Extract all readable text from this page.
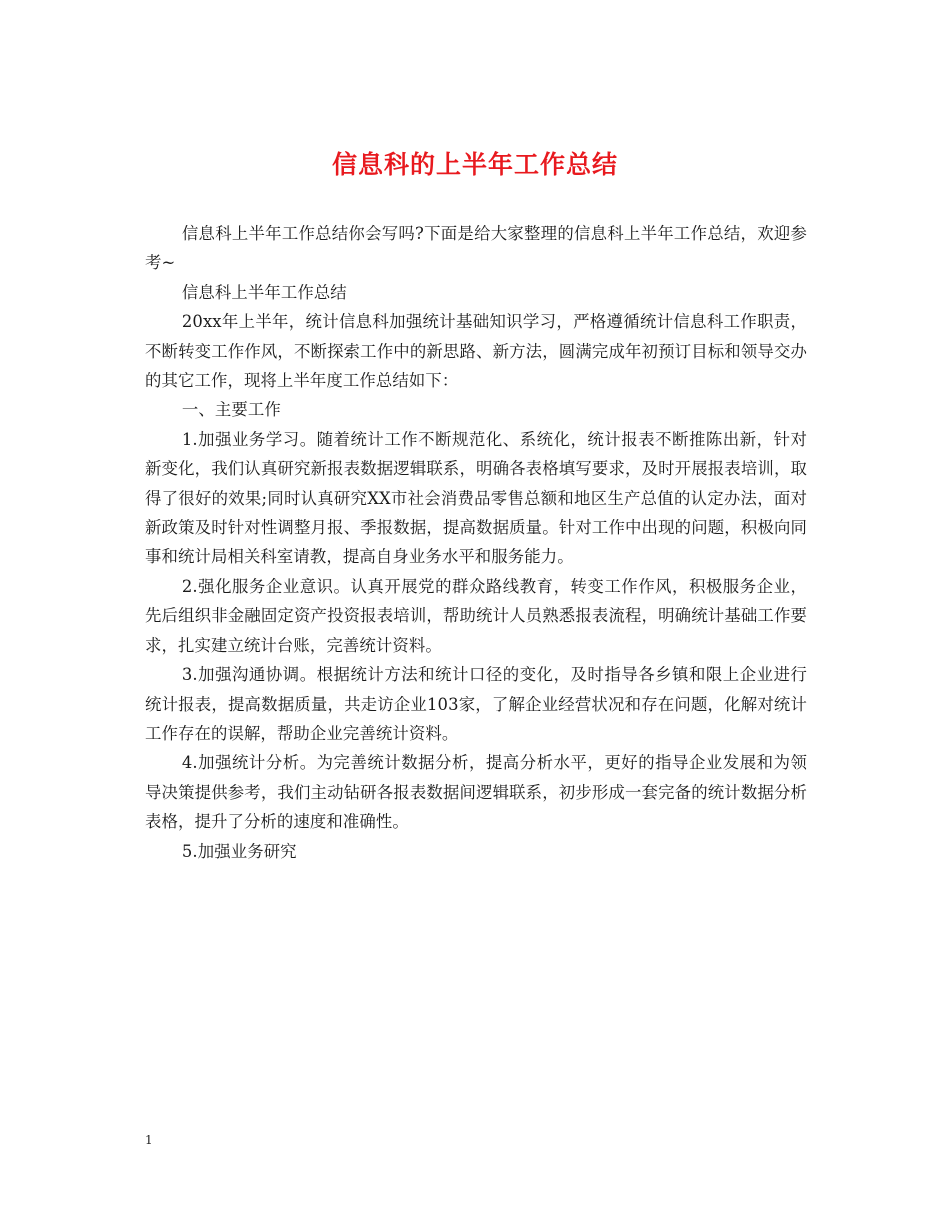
信息科的上半年工作总结

信息科上半年工作总结你会写吗?下面是给大家整理的信息科上半年工作总结，欢迎参考~

信息科上半年工作总结

20xx年上半年，统计信息科加强统计基础知识学习，严格遵循统计信息科工作职责，不断转变工作作风，不断探索工作中的新思路、新方法，圆满完成年初预订目标和领导交办的其它工作，现将上半年度工作总结如下：

一、主要工作

1.加强业务学习。随着统计工作不断规范化、系统化，统计报表不断推陈出新，针对新变化，我们认真研究新报表数据逻辑联系，明确各表格填写要求，及时开展报表培训，取得了很好的效果;同时认真研究XX市社会消费品零售总额和地区生产总值的认定办法，面对新政策及时针对性调整月报、季报数据，提高数据质量。针对工作中出现的问题，积极向同事和统计局相关科室请教，提高自身业务水平和服务能力。

2.强化服务企业意识。认真开展党的群众路线教育，转变工作作风，积极服务企业，先后组织非金融固定资产投资报表培训，帮助统计人员熟悉报表流程，明确统计基础工作要求，扎实建立统计台账，完善统计资料。

3.加强沟通协调。根据统计方法和统计口径的变化，及时指导各乡镇和限上企业进行统计报表，提高数据质量，共走访企业103家，了解企业经营状况和存在问题，化解对统计工作存在的误解，帮助企业完善统计资料。

4.加强统计分析。为完善统计数据分析，提高分析水平，更好的指导企业发展和为领导决策提供参考，我们主动钻研各报表数据间逻辑联系，初步形成一套完备的统计数据分析表格，提升了分析的速度和准确性。

5.加强业务研究

1
